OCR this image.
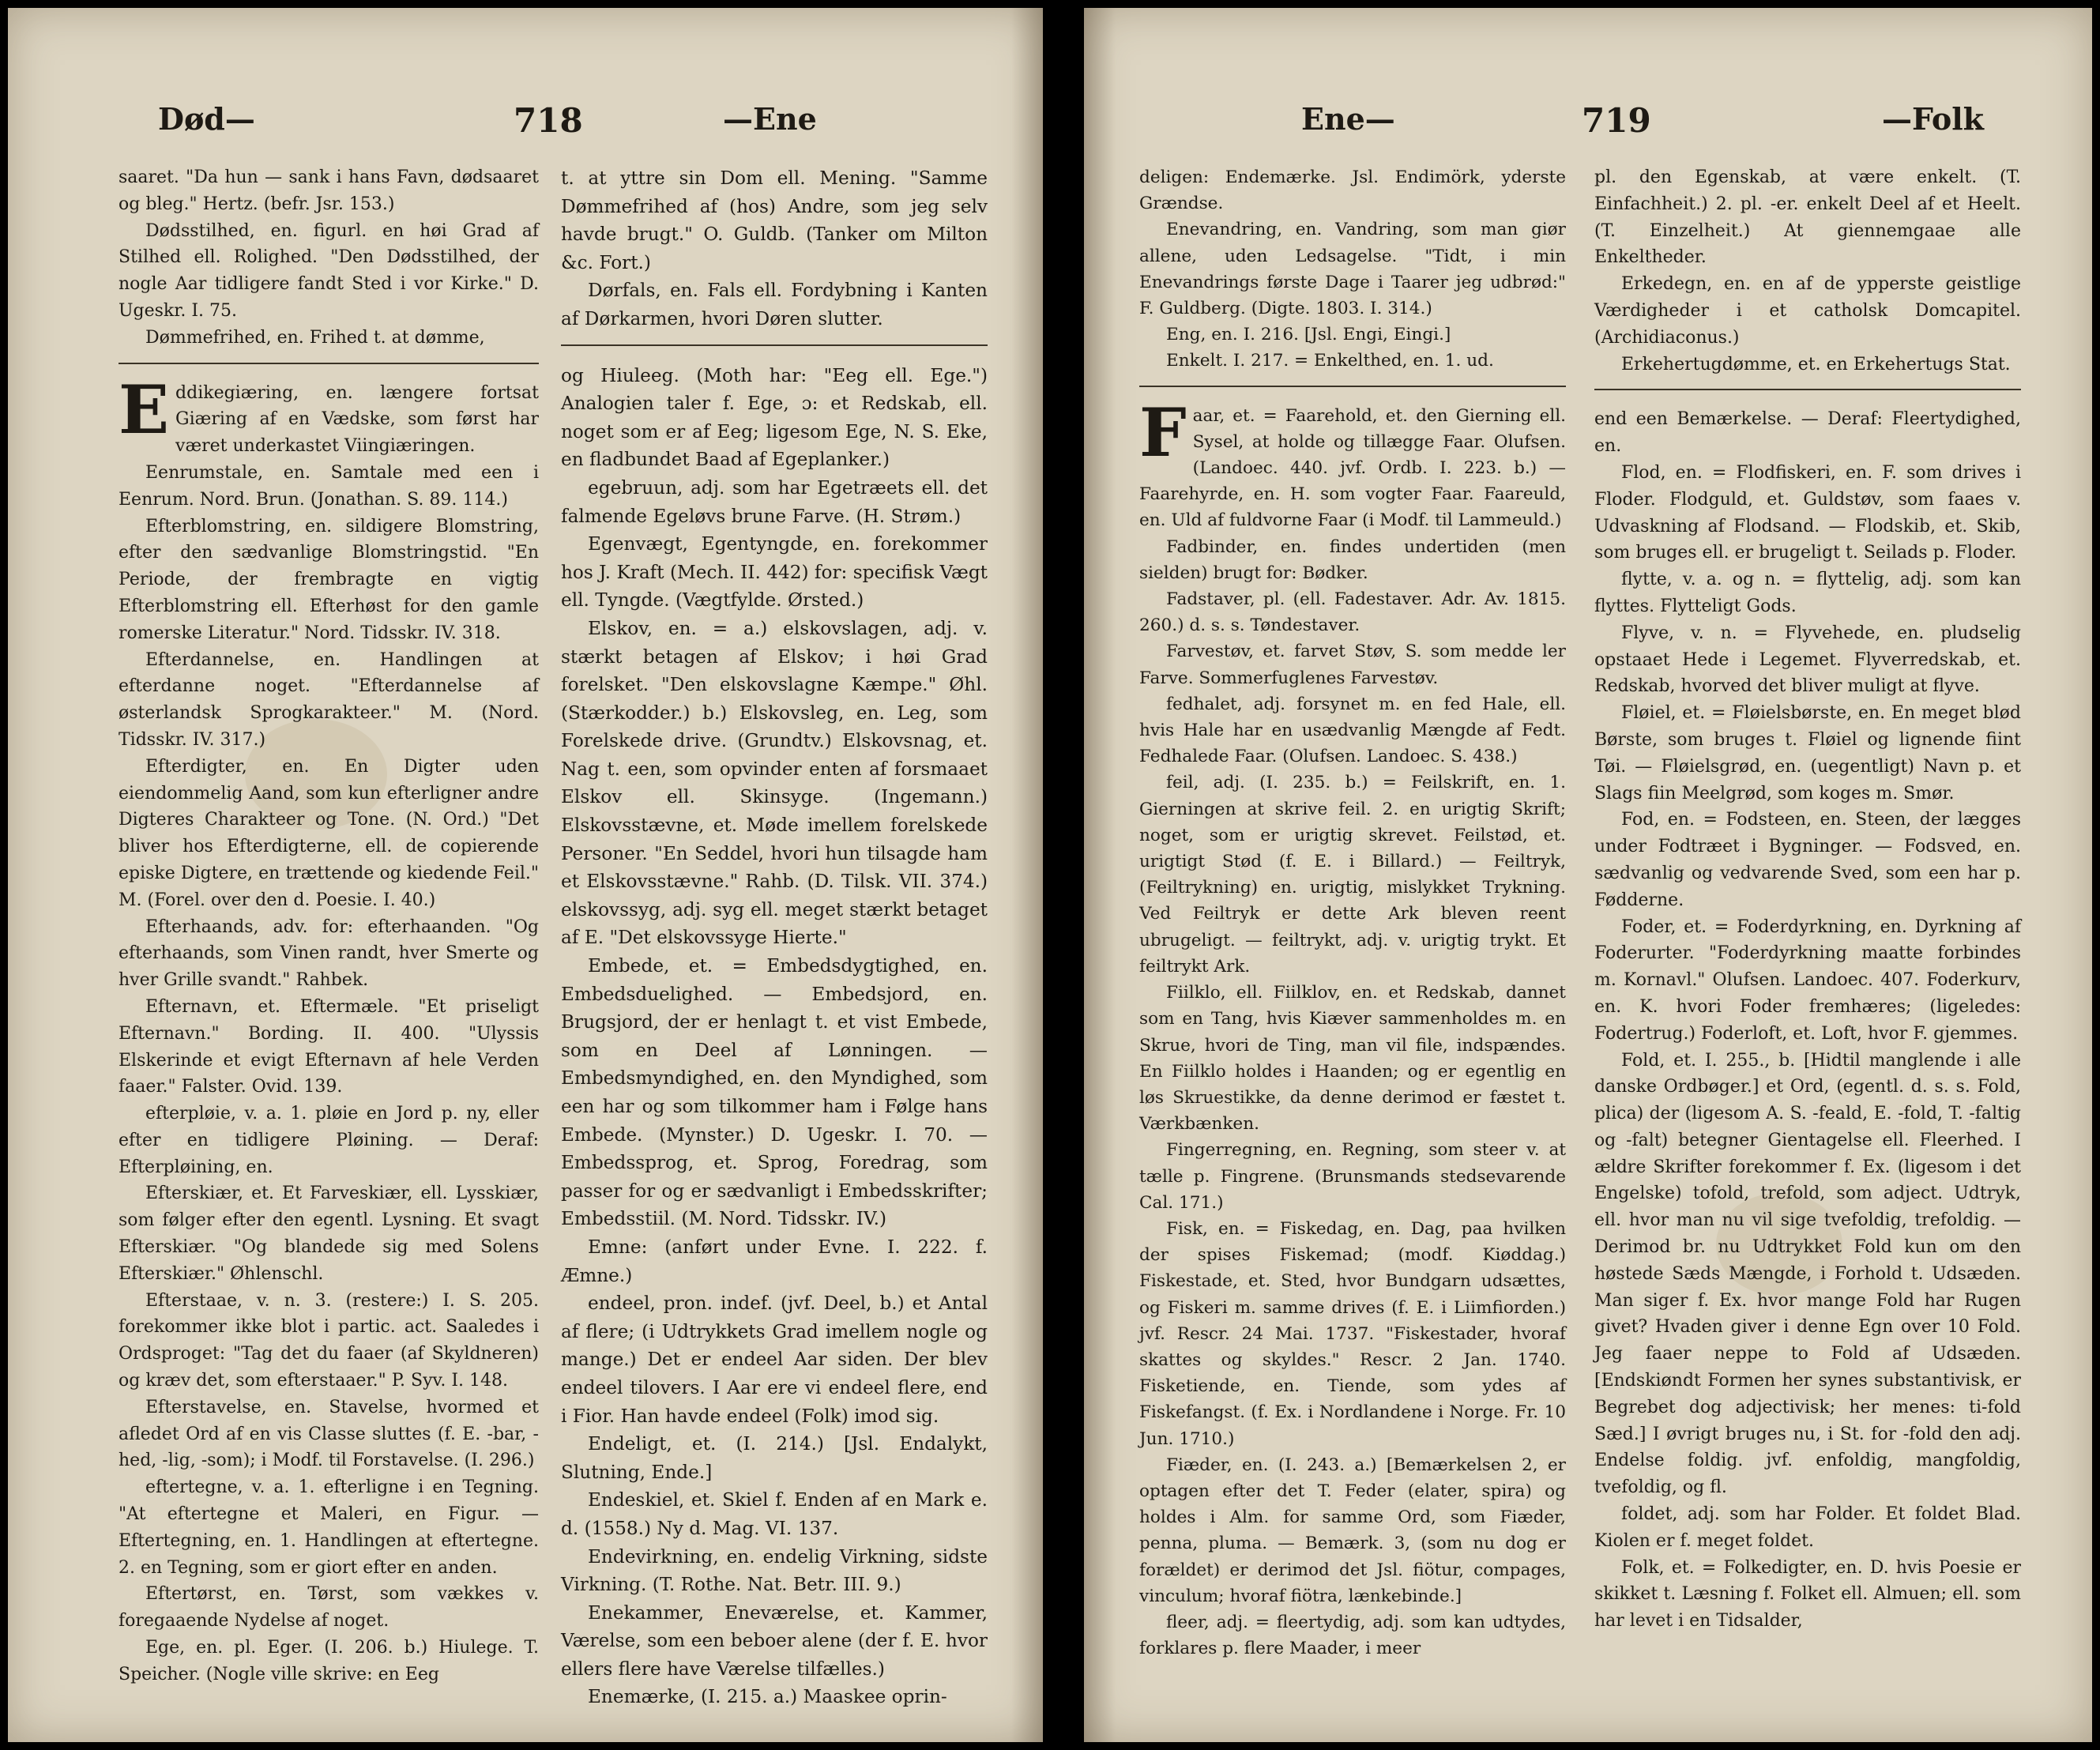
Død—	718	—Ene

saaret. "Da hun — sank i hans Favn, dødsaaret og bleg." Hertz. (befr. Jsr. 153.)

Dødsstilhed, en. figurl. en høi Grad af Stilhed ell. Rolighed. "Den Dødsstilhed, der nogle Aar tidligere fandt Sted i vor Kirke." D. Ugeskr. I. 75.

Dømmefrihed, en. Frihed t. at dømme,

Eddikegiæring, en. længere fortsat Giæring af en Vædske, som først har været underkastet Viingiæringen.

Eenrumstale, en. Samtale med een i Eenrum. Nord. Brun. (Jonathan. S. 89. 114.)

Efterblomstring, en. sildigere Blomstring, efter den sædvanlige Blomstringstid. "En Periode, der frembragte en vigtig Efterblomstring ell. Efterhøst for den gamle romerske Literatur." Nord. Tidsskr. IV. 318.

Efterdannelse, en. Handlingen at efterdanne noget. "Efterdannelse af østerlandsk Sprogkarakteer." M. (Nord. Tidsskr. IV. 317.)

Efterdigter, en. En Digter uden eiendommelig Aand, som kun efterligner andre Digteres Charakteer og Tone. (N. Ord.) "Det bliver hos Efterdigterne, ell. de copierende episke Digtere, en trættende og kiedende Feil." M. (Forel. over den d. Poesie. I. 40.)

Efterhaands, adv. for: efterhaanden. "Og efterhaands, som Vinen randt, hver Smerte og hver Grille svandt." Rahbek.

Efternavn, et. Eftermæle. "Et priseligt Efternavn." Bording. II. 400. "Ulyssis Elskerinde et evigt Efternavn af hele Verden faaer." Falster. Ovid. 139.

efterpløie, v. a. 1. pløie en Jord p. ny, eller efter en tidligere Pløining. — Deraf: Efterpløining, en.

Efterskiær, et. Et Farveskiær, ell. Lysskiær, som følger efter den egentl. Lysning. Et svagt Efterskiær. "Og blandede sig med Solens Efterskiær." Øhlenschl.

Efterstaae, v. n. 3. (restere:) I. S. 205. forekommer ikke blot i partic. act. Saaledes i Ordsproget: "Tag det du faaer (af Skyldneren) og kræv det, som efterstaaer." P. Syv. I. 148.

Efterstavelse, en. Stavelse, hvormed et afledet Ord af en vis Classe sluttes (f. E. -bar, -hed, -lig, -som); i Modf. til Forstavelse. (I. 296.)

eftertegne, v. a. 1. efterligne i en Tegning. "At eftertegne et Maleri, en Figur. — Eftertegning, en. 1. Handlingen at eftertegne. 2. en Tegning, som er giort efter en anden.

Eftertørst, en. Tørst, som vækkes v. foregaaende Nydelse af noget.

Ege, en. pl. Eger. (I. 206. b.) Hiulege. T. Speicher. (Nogle ville skrive: en Eeg

t. at yttre sin Dom ell. Mening. "Samme Dømmefrihed af (hos) Andre, som jeg selv havde brugt." O. Guldb. (Tanker om Milton &c. Fort.)

Dørfals, en. Fals ell. Fordybning i Kanten af Dørkarmen, hvori Døren slutter.

og Hiuleeg. (Moth har: "Eeg ell. Ege.") Analogien taler f. Ege, ɔ: et Redskab, ell. noget som er af Eeg; ligesom Ege, N. S. Eke, en fladbundet Baad af Egeplanker.)

egebruun, adj. som har Egetræets ell. det falmende Egeløvs brune Farve. (H. Strøm.)

Egenvægt, Egentyngde, en. forekommer hos J. Kraft (Mech. II. 442) for: specifisk Vægt ell. Tyngde. (Vægtfylde. Ørsted.)

Elskov, en. = a.) elskovslagen, adj. v. stærkt betagen af Elskov; i høi Grad forelsket. "Den elskovslagne Kæmpe." Øhl. (Stærkodder.) b.) Elskovsleg, en. Leg, som Forelskede drive. (Grundtv.) Elskovsnag, et. Nag t. een, som opvinder enten af forsmaaet Elskov ell. Skinsyge. (Ingemann.) Elskovsstævne, et. Møde imellem forelskede Personer. "En Seddel, hvori hun tilsagde ham et Elskovsstævne." Rahb. (D. Tilsk. VII. 374.) elskovssyg, adj. syg ell. meget stærkt betaget af E. "Det elskovssyge Hierte."

Embede, et. = Embedsdygtighed, en. Embedsduelighed. — Embedsjord, en. Brugsjord, der er henlagt t. et vist Embede, som en Deel af Lønningen. — Embedsmyndighed, en. den Myndighed, som een har og som tilkommer ham i Følge hans Embede. (Mynster.) D. Ugeskr. I. 70. — Embedssprog, et. Sprog, Foredrag, som passer for og er sædvanligt i Embedsskrifter; Embedsstiil. (M. Nord. Tidsskr. IV.)

Emne: (anført under Evne. I. 222. f. Æmne.)

endeel, pron. indef. (jvf. Deel, b.) et Antal af flere; (i Udtrykkets Grad imellem nogle og mange.) Det er endeel Aar siden. Der blev endeel tilovers. I Aar ere vi endeel flere, end i Fior. Han havde endeel (Folk) imod sig.

Endeligt, et. (I. 214.) [Jsl. Endalykt, Slutning, Ende.]

Endeskiel, et. Skiel f. Enden af en Mark e. d. (1558.) Ny d. Mag. VI. 137.

Endevirkning, en. endelig Virkning, sidste Virkning. (T. Rothe. Nat. Betr. III. 9.)

Enekammer, Eneværelse, et. Kammer, Værelse, som een beboer alene (der f. E. hvor ellers flere have Værelse tilfælles.)

Enemærke, (I. 215. a.) Maaskee oprin-

Ene—	719	—Folk

deligen: Endemærke. Jsl. Endimörk, yderste Grændse.

Enevandring, en. Vandring, som man giør allene, uden Ledsagelse. "Tidt, i min Enevandrings første Dage i Taarer jeg udbrød:" F. Guldberg. (Digte. 1803. I. 314.)

Eng, en. I. 216. [Jsl. Engi, Eingi.]

Enkelt. I. 217. = Enkelthed, en. 1. ud.

Faar, et. = Faarehold, et. den Gierning ell. Sysel, at holde og tillægge Faar. Olufsen. (Landoec. 440. jvf. Ordb. I. 223. b.) — Faarehyrde, en. H. som vogter Faar. Faareuld, en. Uld af fuldvorne Faar (i Modf. til Lammeuld.)

Fadbinder, en. findes undertiden (men sielden) brugt for: Bødker.

Fadstaver, pl. (ell. Fadestaver. Adr. Av. 1815. 260.) d. s. s. Tøndestaver.

Farvestøv, et. farvet Støv, S. som medde ler Farve. Sommerfuglenes Farvestøv.

fedhalet, adj. forsynet m. en fed Hale, ell. hvis Hale har en usædvanlig Mængde af Fedt. Fedhalede Faar. (Olufsen. Landoec. S. 438.)

feil, adj. (I. 235. b.) = Feilskrift, en. 1. Gierningen at skrive feil. 2. en urigtig Skrift; noget, som er urigtig skrevet. Feilstød, et. urigtigt Stød (f. E. i Billard.) — Feiltryk, (Feiltrykning) en. urigtig, mislykket Trykning. Ved Feiltryk er dette Ark bleven reent ubrugeligt. — feiltrykt, adj. v. urigtig trykt. Et feiltrykt Ark.

Fiilklo, ell. Fiilklov, en. et Redskab, dannet som en Tang, hvis Kiæver sammenholdes m. en Skrue, hvori de Ting, man vil file, indspændes. En Fiilklo holdes i Haanden; og er egentlig en løs Skruestikke, da denne derimod er fæstet t. Værkbænken.

Fingerregning, en. Regning, som steer v. at tælle p. Fingrene. (Brunsmands stedsevarende Cal. 171.)

Fisk, en. = Fiskedag, en. Dag, paa hvilken der spises Fiskemad; (modf. Kiøddag.) Fiskestade, et. Sted, hvor Bundgarn udsættes, og Fiskeri m. samme drives (f. E. i Liimfiorden.) jvf. Rescr. 24 Mai. 1737. "Fiskestader, hvoraf skattes og skyldes." Rescr. 2 Jan. 1740. Fisketiende, en. Tiende, som ydes af Fiskefangst. (f. Ex. i Nordlandene i Norge. Fr. 10 Jun. 1710.)

Fiæder, en. (I. 243. a.) [Bemærkelsen 2, er optagen efter det T. Feder (elater, spira) og holdes i Alm. for samme Ord, som Fiæder, penna, pluma. — Bemærk. 3, (som nu dog er forældet) er derimod det Jsl. fiötur, compages, vinculum; hvoraf fiötra, lænkebinde.]

fleer, adj. = fleertydig, adj. som kan udtydes, forklares p. flere Maader, i meer

pl. den Egenskab, at være enkelt. (T. Einfachheit.) 2. pl. -er. enkelt Deel af et Heelt. (T. Einzelheit.) At giennemgaae alle Enkeltheder.

Erkedegn, en. en af de ypperste geistlige Værdigheder i et catholsk Domcapitel. (Archidiaconus.)

Erkehertugdømme, et. en Erkehertugs Stat.

end een Bemærkelse. — Deraf: Fleertydighed, en.

Flod, en. = Flodfiskeri, en. F. som drives i Floder. Flodguld, et. Guldstøv, som faaes v. Udvaskning af Flodsand. — Flodskib, et. Skib, som bruges ell. er brugeligt t. Seilads p. Floder.

flytte, v. a. og n. = flyttelig, adj. som kan flyttes. Flytteligt Gods.

Flyve, v. n. = Flyvehede, en. pludselig opstaaet Hede i Legemet. Flyverredskab, et. Redskab, hvorved det bliver muligt at flyve.

Fløiel, et. = Fløielsbørste, en. En meget blød Børste, som bruges t. Fløiel og lignende fiint Tøi. — Fløielsgrød, en. (uegentligt) Navn p. et Slags fiin Meelgrød, som koges m. Smør.

Fod, en. = Fodsteen, en. Steen, der lægges under Fodtræet i Bygninger. — Fodsved, en. sædvanlig og vedvarende Sved, som een har p. Fødderne.

Foder, et. = Foderdyrkning, en. Dyrkning af Foderurter. "Foderdyrkning maatte forbindes m. Kornavl." Olufsen. Landoec. 407. Foderkurv, en. K. hvori Foder fremhæres; (ligeledes: Fodertrug.) Foderloft, et. Loft, hvor F. gjemmes.

Fold, et. I. 255., b. [Hidtil manglende i alle danske Ordbøger.] et Ord, (egentl. d. s. s. Fold, plica) der (ligesom A. S. -feald, E. -fold, T. -faltig og -falt) betegner Gientagelse ell. Fleerhed. I ældre Skrifter forekommer f. Ex. (ligesom i det Engelske) tofold, trefold, som adject. Udtryk, ell. hvor man nu vil sige tvefoldig, trefoldig. — Derimod br. nu Udtrykket Fold kun om den høstede Sæds Mængde, i Forhold t. Udsæden. Man siger f. Ex. hvor mange Fold har Rugen givet? Hvaden giver i denne Egn over 10 Fold. Jeg faaer neppe to Fold af Udsæden. [Endskiøndt Formen her synes substantivisk, er Begrebet dog adjectivisk; her menes: ti-fold Sæd.] I øvrigt bruges nu, i St. for -fold den adj. Endelse foldig. jvf. enfoldig, mangfoldig, tvefoldig, og fl.

foldet, adj. som har Folder. Et foldet Blad. Kiolen er f. meget foldet.

Folk, et. = Folkedigter, en. D. hvis Poesie er skikket t. Læsning f. Folket ell. Almuen; ell. som har levet i en Tidsalder,
